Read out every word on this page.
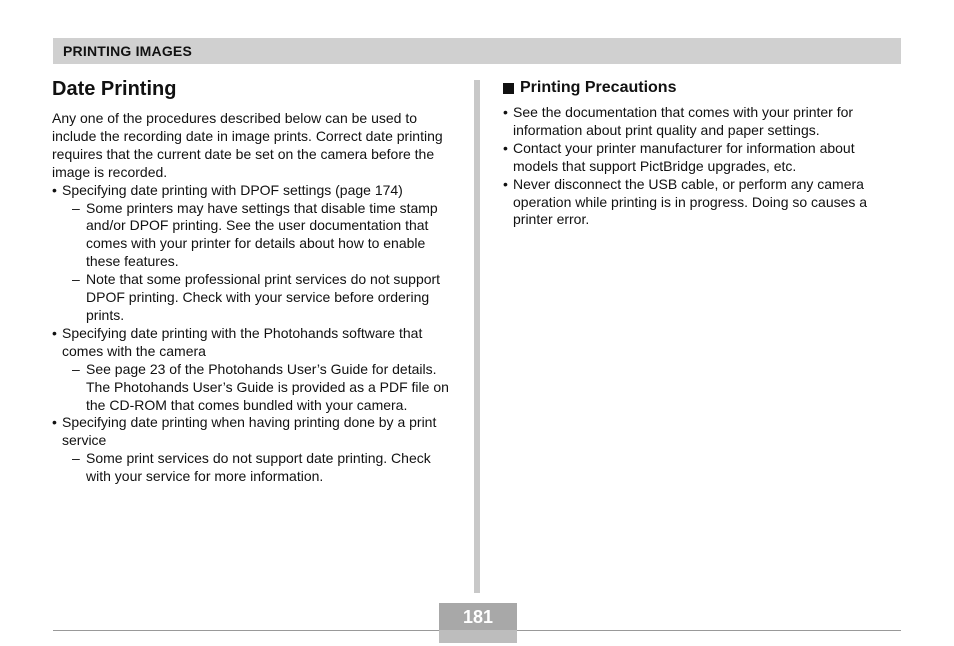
PRINTING IMAGES
Date Printing

Any one of the procedures described below can be used to include the recording date in image prints. Correct date printing requires that the current date be set on the camera before the image is recorded.

• Specifying date printing with DPOF settings (page 174)
– Some printers may have settings that disable time stamp and/or DPOF printing. See the user documentation that comes with your printer for details about how to enable these features.
– Note that some professional print services do not support DPOF printing. Check with your service before ordering prints.
• Specifying date printing with the Photohands software that comes with the camera
– See page 23 of the Photohands User’s Guide for details. The Photohands User’s Guide is provided as a PDF file on the CD-ROM that comes bundled with your camera.
• Specifying date printing when having printing done by a print service
– Some print services do not support date printing. Check with your service for more information.
Printing Precautions
• See the documentation that comes with your printer for information about print quality and paper settings.
• Contact your printer manufacturer for information about models that support PictBridge upgrades, etc.
• Never disconnect the USB cable, or perform any camera operation while printing is in progress. Doing so causes a printer error.
181
